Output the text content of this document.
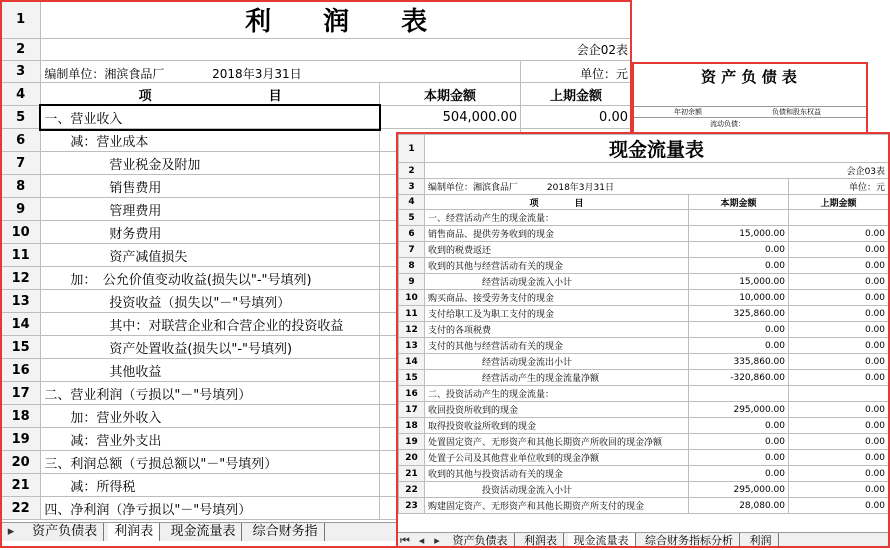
1	利　　润　　表		
2	会企02表		
3	编制单位：湘滨食品厂 2018年3月31日		单位：元
4	项　　　　　　　　　目	本期金额	上期金额
5	一、营业收入	504,000.00	0.00
6	　　减：营业成本		
7	　　　　　营业税金及附加		
8	　　　　　销售费用		
9	　　　　　管理费用		
10	　　　　　财务费用		
11	　　　　　资产减值损失		
12	　　加：　公允价值变动收益(损失以"-"号填列)		
13	　　　　　投资收益（损失以"－"号填列）		
14	　　　　　其中：对联营企业和合营企业的投资收益		
15	　　　　　资产处置收益(损失以"-"号填列)		
16	　　　　　其他收益		
17	二、营业利润（亏损以"－"号填列）		
18	　　加：营业外收入		
19	　　减：营业外支出		
20	三、利润总额（亏损总额以"－"号填列）		
21	　　减：所得税		
22	四、净利润（净亏损以"－"号填列）		
▸ 资产负债表 利润表 现金流量表 综合财务指
资 产 负 债 表
年初余额	负债和股东权益
流动负债：
1	现金流量表		
2	会企03表		
3	编制单位：湘滨食品厂 2018年3月31日		单位：元
4	项　　　　目	本期金额	上期金额
5	一、经营活动产生的现金流量：		
6	销售商品、提供劳务收到的现金	15,000.00	0.00
7	收到的税费返还	0.00	0.00
8	收到的其他与经营活动有关的现金	0.00	0.00
9	　　　　　　经营活动现金流入小计	15,000.00	0.00
10	购买商品、接受劳务支付的现金	10,000.00	0.00
11	支付给职工及为职工支付的现金	325,860.00	0.00
12	支付的各项税费	0.00	0.00
13	支付的其他与经营活动有关的现金	0.00	0.00
14	　　　　　　经营活动现金流出小计	335,860.00	0.00
15	　　　　　　经营活动产生的现金流量净额	-320,860.00	0.00
16	二、投资活动产生的现金流量：		
17	收回投资所收到的现金	295,000.00	0.00
18	取得投资收益所收到的现金	0.00	0.00
19	处置固定资产、无形资产和其他长期资产所收回的现金净额	0.00	0.00
20	处置子公司及其他营业单位收到的现金净额	0.00	0.00
21	收到的其他与投资活动有关的现金	0.00	0.00
22	　　　　　　投资活动现金流入小计	295,000.00	0.00
23	购建固定资产、无形资产和其他长期资产所支付的现金	28,080.00	0.00
⏮ ◂ ▸ 资产负债表 利润表 现金流量表 综合财务指标分析 利润
